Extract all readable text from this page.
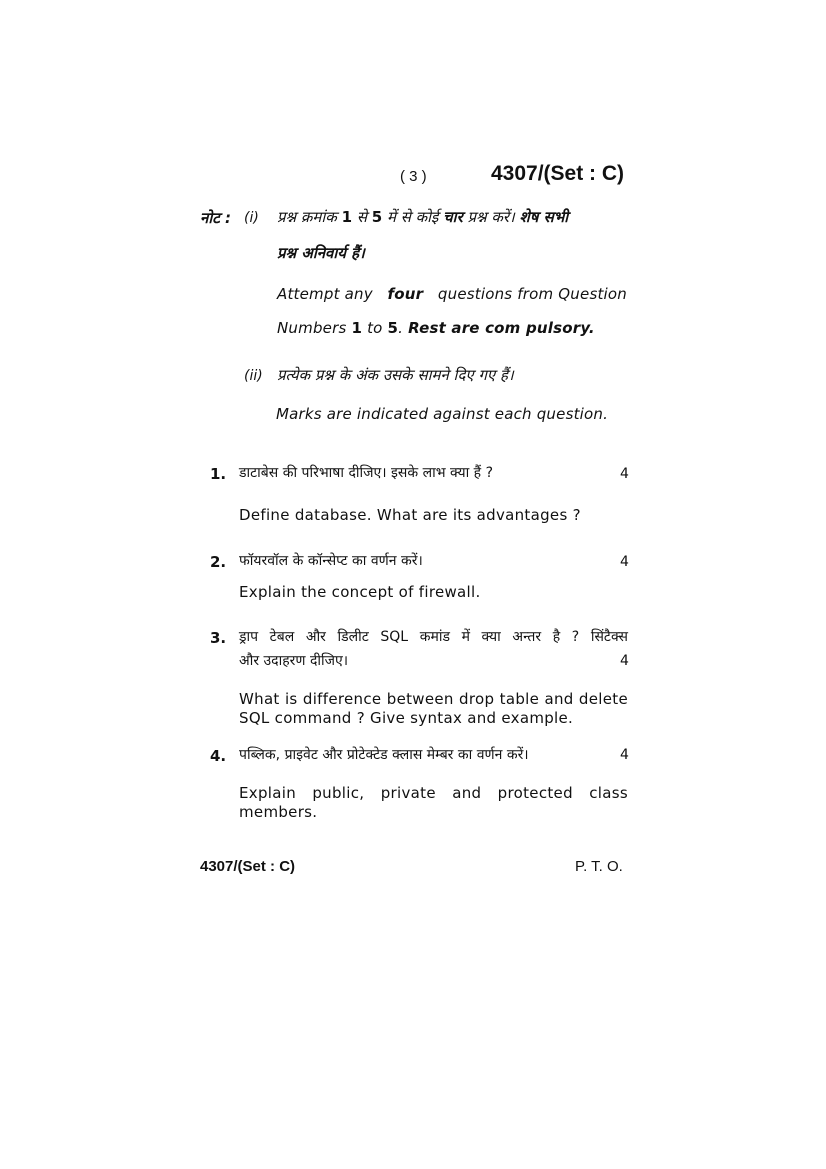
( 3 )	4307/(Set : C)
नोट : (i) प्रश्न क्रमांक 1 से 5 में से कोई चार प्रश्न करें। शेष सभी
प्रश्न अनिवार्य हैं।
Attempt any four questions from Question
Numbers 1 to 5. Rest are com pulsory.
(ii) प्रत्येक प्रश्न के अंक उसके सामने दिए गए हैं।
Marks are indicated against each question.
1. डाटाबेस की परिभाषा दीजिए। इसके लाभ क्या हैं ?	4
Define database. What are its advantages ?
2. फॉयरवॉल के कॉन्सेप्ट का वर्णन करें।	4
Explain the concept of firewall.
3. ड्राप टेबल और डिलीट SQL कमांड में क्या अन्तर है ? सिंटैक्स
और उदाहरण दीजिए।	4
What is difference between drop table and delete
SQL command ? Give syntax and example.
4. पब्लिक, प्राइवेट और प्रोटेक्टेड क्लास मेम्बर का वर्णन करें।	4
Explain public, private and protected class
members.
4307/(Set : C)	P. T. O.
